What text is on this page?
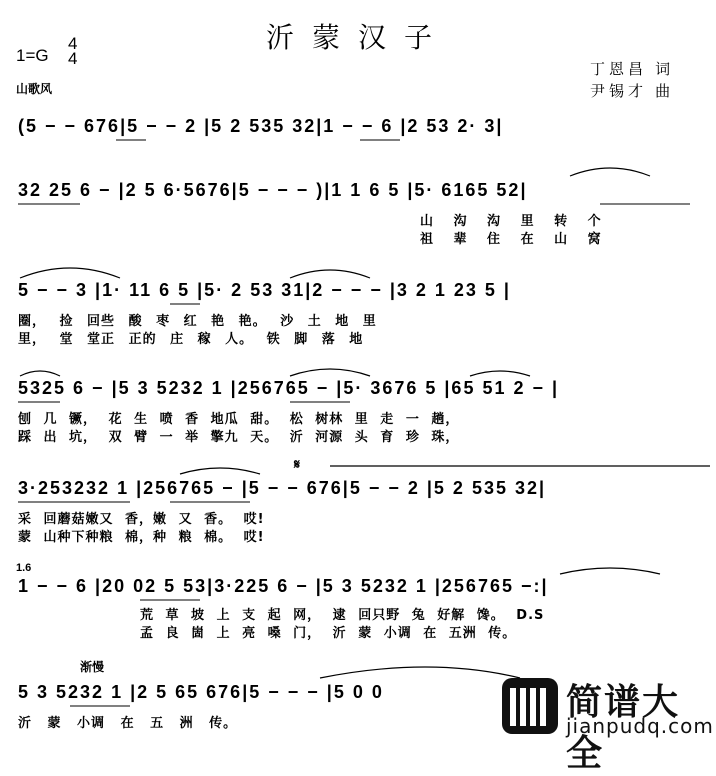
沂蒙汉子
1=G
4
4
山歌风
丁恩昌 词
尹锡才 曲
(5 − − 676|5 − − 2 |5 2 535 32|1 − − 6 |2 53 2· 3|
32 25 6 − |2 5 6·5676|5 − − − )|1 1 6 5 |5· 6165 52|
山 沟 沟 里 转 个
祖 辈 住 在 山 窝
5 − − 3 |1· 11 6 5 |5· 2 53 31|2 − − − |3 2 1 23 5 |
圈， 捡 回些 酸 枣 红 艳 艳。 沙 土 地 里
里， 堂 堂正 正的 庄 稼 人。 铁 脚 落 地
5325 6 − |5 3 5232 1 |256765 − |5· 3676 5 |65 51 2 − |
刨 几 镢， 花 生 喷 香 地瓜 甜。 松 树林 里 走 一 趟，
踩 出 坑， 双 臂 一 举 擎九 天。 沂 河源 头 育 珍 珠，
𝄋
3·253232 1 |256765 − |5 − − 676|5 − − 2 |5 2 535 32|
采 回蘑菇嫩又 香，嫩 又 香。 哎!
蒙 山种下种粮 棉，种 粮 棉。 哎!
1.6
1 − − 6 |20 02 5 53|3·225 6 − |5 3 5232 1 |256765 −:|
荒 草 坡 上 支 起 网， 逮 回只野 兔 好解 馋。 D.S
孟 良 崮 上 亮 嗓 门， 沂 蒙 小调 在 五洲 传。
渐慢
5 3 5232 1 |2 5 65 676|5 − − − |5 0 0
沂 蒙 小调 在 五 洲 传。
简谱大全
jianpudq.com
